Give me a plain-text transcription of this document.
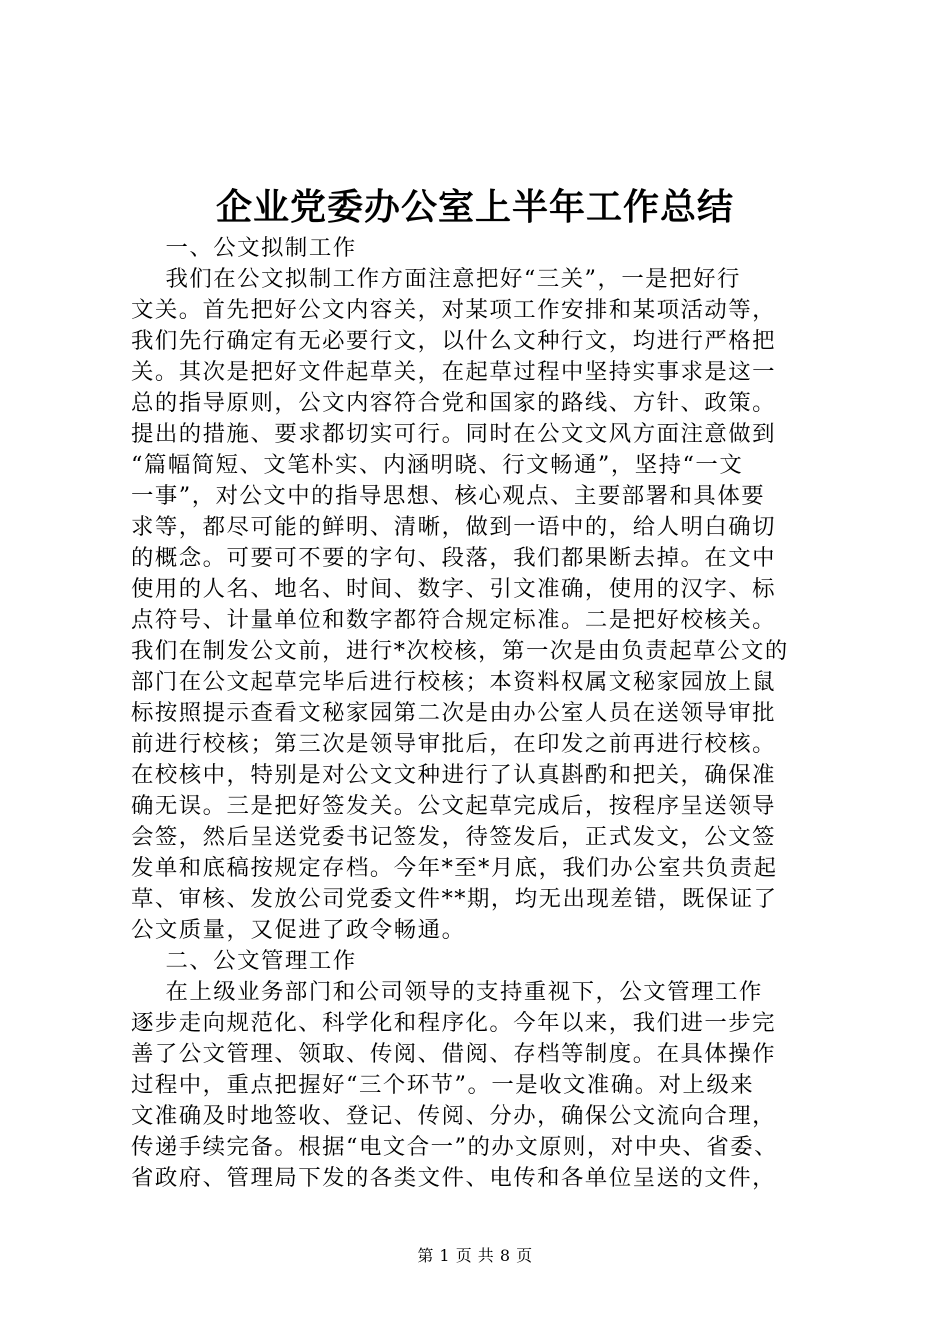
企业党委办公室上半年工作总结
一、公文拟制工作
我们在公文拟制工作方面注意把好“三关”，一是把好行
文关。首先把好公文内容关，对某项工作安排和某项活动等，
我们先行确定有无必要行文，以什么文种行文，均进行严格把
关。其次是把好文件起草关，在起草过程中坚持实事求是这一
总的指导原则，公文内容符合党和国家的路线、方针、政策。
提出的措施、要求都切实可行。同时在公文文风方面注意做到
“篇幅简短、文笔朴实、内涵明晓、行文畅通”，坚持“一文
一事”，对公文中的指导思想、核心观点、主要部署和具体要
求等，都尽可能的鲜明、清晰，做到一语中的，给人明白确切
的概念。可要可不要的字句、段落，我们都果断去掉。在文中
使用的人名、地名、时间、数字、引文准确，使用的汉字、标
点符号、计量单位和数字都符合规定标准。二是把好校核关。
我们在制发公文前，进行*次校核，第一次是由负责起草公文的
部门在公文起草完毕后进行校核；本资料权属文秘家园放上鼠
标按照提示查看文秘家园第二次是由办公室人员在送领导审批
前进行校核；第三次是领导审批后，在印发之前再进行校核。
在校核中，特别是对公文文种进行了认真斟酌和把关，确保准
确无误。三是把好签发关。公文起草完成后，按程序呈送领导
会签，然后呈送党委书记签发，待签发后，正式发文，公文签
发单和底稿按规定存档。今年*至*月底，我们办公室共负责起
草、审核、发放公司党委文件**期，均无出现差错，既保证了
公文质量，又促进了政令畅通。
二、公文管理工作
在上级业务部门和公司领导的支持重视下，公文管理工作
逐步走向规范化、科学化和程序化。今年以来，我们进一步完
善了公文管理、领取、传阅、借阅、存档等制度。在具体操作
过程中，重点把握好“三个环节”。一是收文准确。对上级来
文准确及时地签收、登记、传阅、分办，确保公文流向合理，
传递手续完备。根据“电文合一”的办文原则，对中央、省委、
省政府、管理局下发的各类文件、电传和各单位呈送的文件，
第 1 页 共 8 页
